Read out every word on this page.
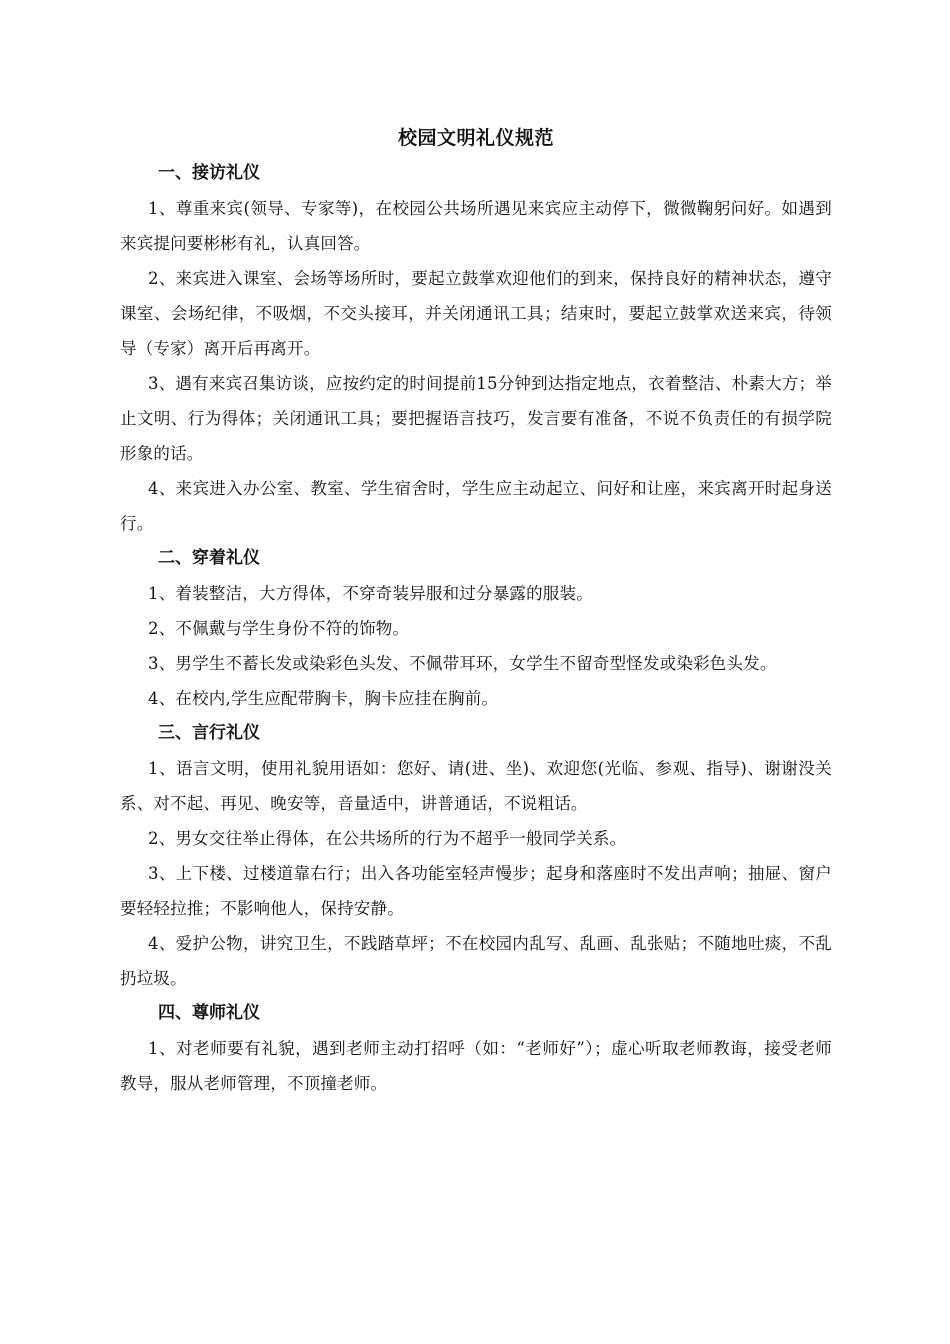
校园文明礼仪规范

一、接访礼仪

1、尊重来宾(领导、专家等)，在校园公共场所遇见来宾应主动停下，微微鞠躬问好。如遇到来宾提问要彬彬有礼，认真回答。

2、来宾进入课室、会场等场所时，要起立鼓掌欢迎他们的到来，保持良好的精神状态，遵守课室、会场纪律，不吸烟，不交头接耳，并关闭通讯工具；结束时，要起立鼓掌欢送来宾，待领导（专家）离开后再离开。

3、遇有来宾召集访谈，应按约定的时间提前15分钟到达指定地点，衣着整洁、朴素大方；举止文明、行为得体；关闭通讯工具；要把握语言技巧，发言要有准备，不说不负责任的有损学院形象的话。

4、来宾进入办公室、教室、学生宿舍时，学生应主动起立、问好和让座，来宾离开时起身送行。

二、穿着礼仪

1、着装整洁，大方得体，不穿奇装异服和过分暴露的服装。

2、不佩戴与学生身份不符的饰物。

3、男学生不蓄长发或染彩色头发、不佩带耳环，女学生不留奇型怪发或染彩色头发。

4、在校内,学生应配带胸卡，胸卡应挂在胸前。

三、言行礼仪

1、语言文明，使用礼貌用语如：您好、请(进、坐)、欢迎您(光临、参观、指导)、谢谢没关系、对不起、再见、晚安等，音量适中，讲普通话，不说粗话。

2、男女交往举止得体，在公共场所的行为不超乎一般同学关系。

3、上下楼、过楼道靠右行；出入各功能室轻声慢步；起身和落座时不发出声响；抽屉、窗户要轻轻拉推；不影响他人，保持安静。

4、爱护公物，讲究卫生，不践踏草坪；不在校园内乱写、乱画、乱张贴；不随地吐痰，不乱扔垃圾。

四、尊师礼仪

1、对老师要有礼貌，遇到老师主动打招呼（如：“老师好”）；虚心听取老师教诲，接受老师教导，服从老师管理，不顶撞老师。
